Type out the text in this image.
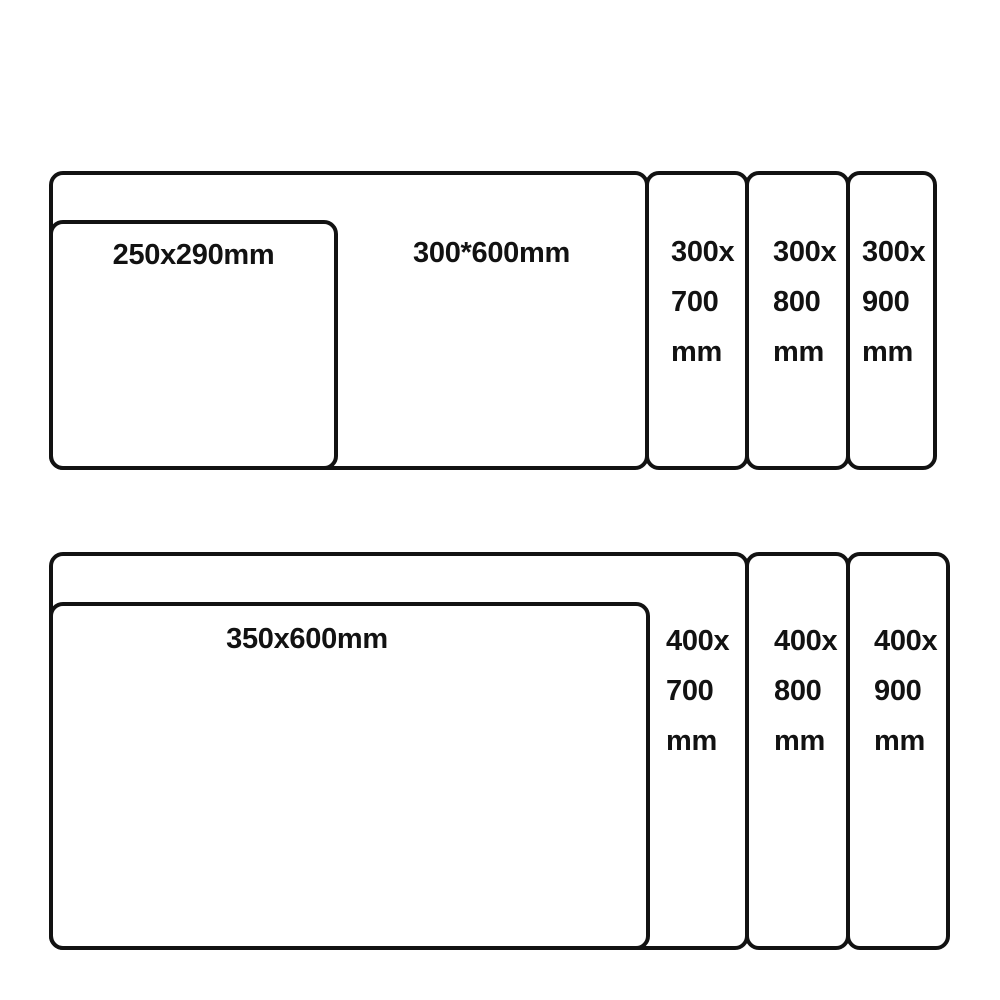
300*600mm
250x290mm	300x
700
mm
300x
800
mm
300x
900
mm
400x
700
mm
350x600mm	400x
800
mm
400x
900
mm
